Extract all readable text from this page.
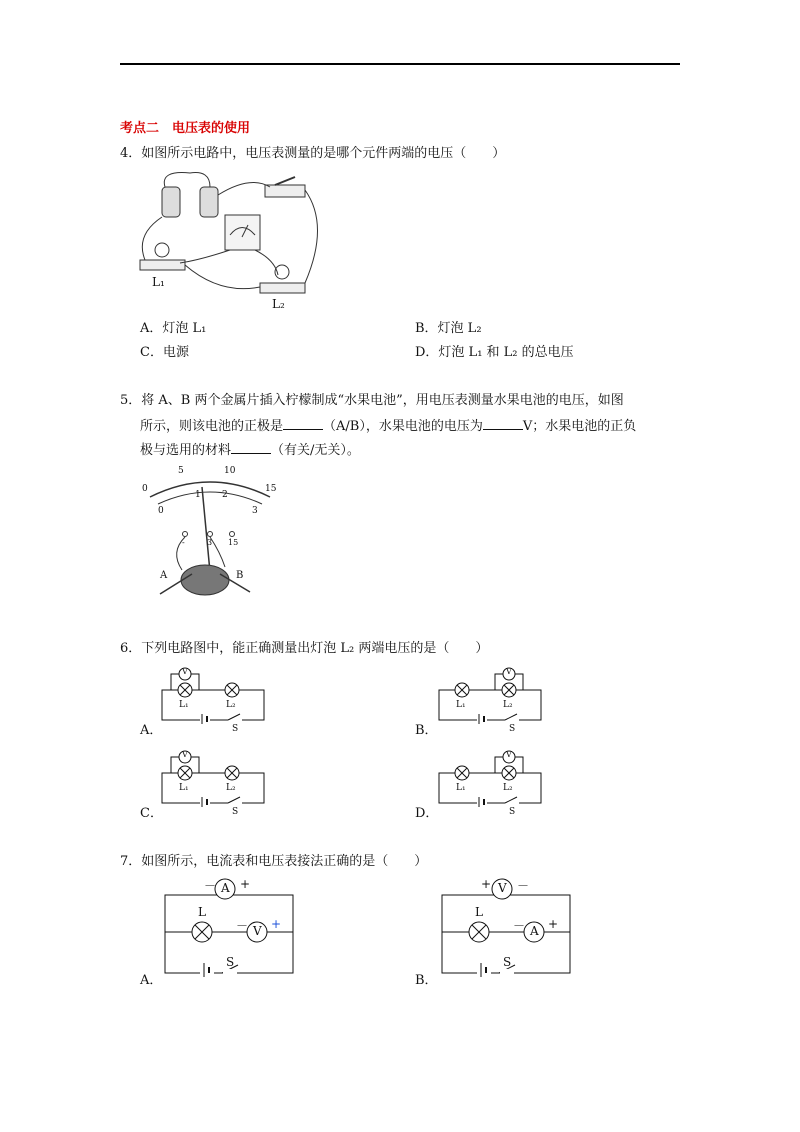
考点二　电压表的使用
4．如图所示电路中，电压表测量的是哪个元件两端的电压（　　）
L₁
L₂
A．灯泡 L₁	B．灯泡 L₂
C．电源	D．灯泡 L₁ 和 L₂ 的总电压
5．将 A、B 两个金属片插入柠檬制成“水果电池”，用电压表测量水果电池的电压，如图
所示，则该电池的正极是	（A/B），水果电池的电压为	V；水果电池的正负
极与选用的材料	（有关/无关）。
0
5	10
15
0
1 2
3
-	3 15
A	B
6．下列电路图中，能正确测量出灯泡 L₂ 两端电压的是（　　）
V
L₁	L₂
S
A．
V
L₁	L₂
S
B．
V
L₁	L₂
S
C．
V
L₁	L₂
S
D．
7．如图所示，电流表和电压表接法正确的是（　　）
A
V
L
S
－ +
－ +
A．
V
A
L
S
+ －
－ +
B．
